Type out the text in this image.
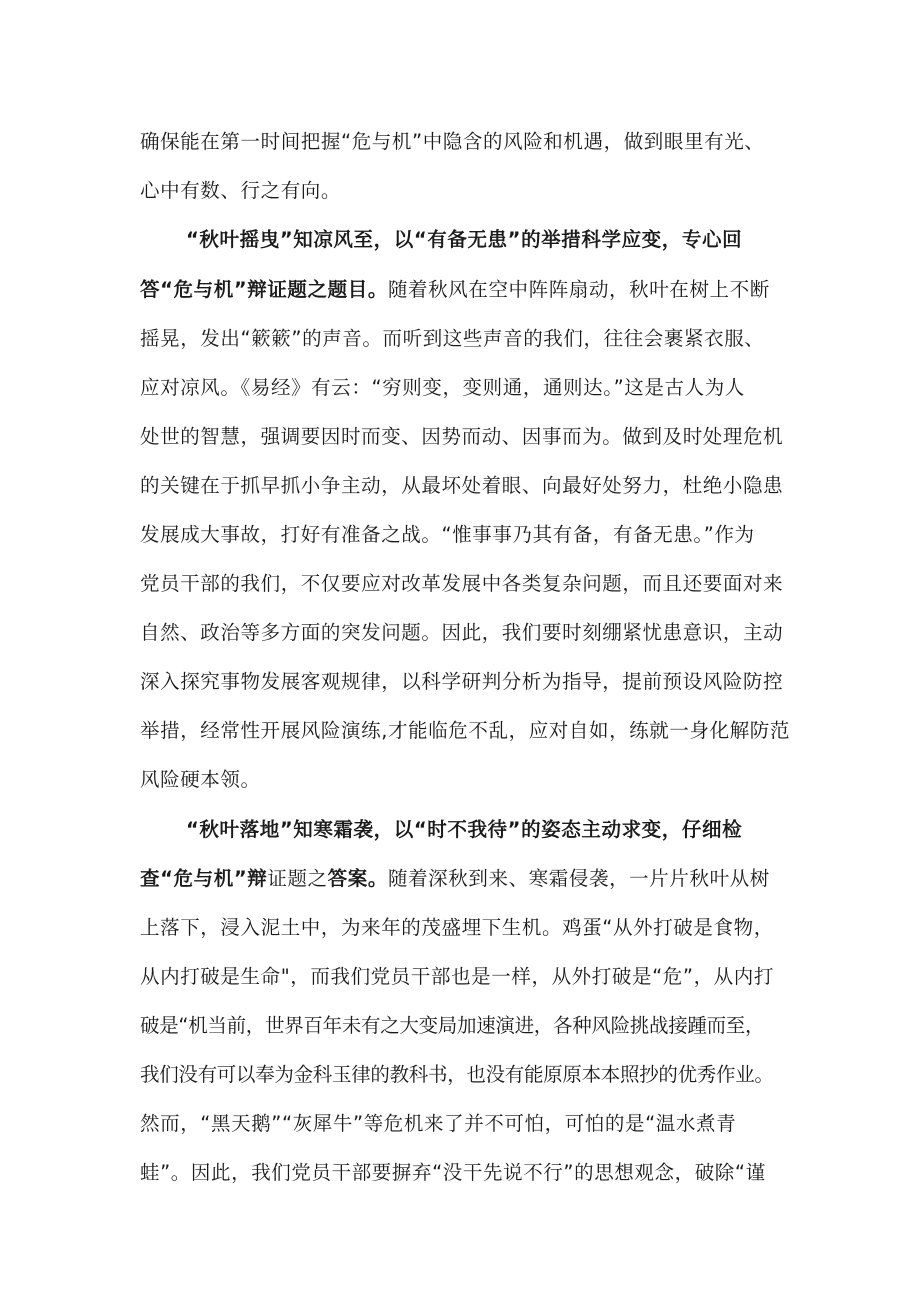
确保能在第一时间把握“危与机”中隐含的风险和机遇，做到眼里有光、
心中有数、行之有向。
“秋叶摇曳”知凉风至，以“有备无患”的举措科学应变，专心回
答“危与机”辩证题之题目。随着秋风在空中阵阵扇动，秋叶在树上不断
摇晃，发出“簌簌”的声音。而听到这些声音的我们，往往会裹紧衣服、
应对凉风。《易经》有云：“穷则变，变则通，通则达。”这是古人为人
处世的智慧，强调要因时而变、因势而动、因事而为。做到及时处理危机
的关键在于抓早抓小争主动，从最坏处着眼、向最好处努力，杜绝小隐患
发展成大事故，打好有准备之战。“惟事事乃其有备，有备无患。”作为
党员干部的我们，不仅要应对改革发展中各类复杂问题，而且还要面对来
自然、政治等多方面的突发问题。因此，我们要时刻绷紧忧患意识，主动
深入探究事物发展客观规律，以科学研判分析为指导，提前预设风险防控
举措，经常性开展风险演练,才能临危不乱，应对自如，练就一身化解防范
风险硬本领。
“秋叶落地”知寒霜袭，以“时不我待”的姿态主动求变，仔细检
查“危与机”辩证题之答案。随着深秋到来、寒霜侵袭，一片片秋叶从树
上落下，浸入泥土中，为来年的茂盛埋下生机。鸡蛋“从外打破是食物，
从内打破是生命"，而我们党员干部也是一样，从外打破是“危”，从内打
破是“机当前，世界百年未有之大变局加速演进，各种风险挑战接踵而至，
我们没有可以奉为金科玉律的教科书，也没有能原原本本照抄的优秀作业。
然而，“黑天鹅”“灰犀牛”等危机来了并不可怕，可怕的是“温水煮青
蛙”。因此，我们党员干部要摒弃“没干先说不行”的思想观念，破除“谨
